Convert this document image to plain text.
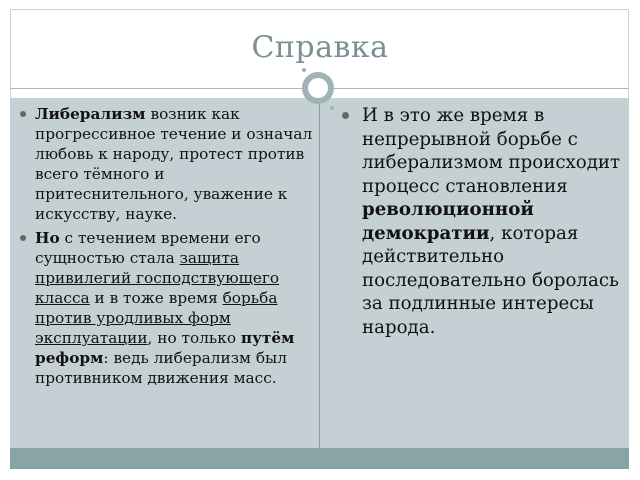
Справка

Либерализм возник как прогрессивное течение и означал любовь к народу, протест против всего тёмного и притеснительного, уважение к искусству, науке.

Но с течением времени его сущностью стала защита привилегий господствующего класса и в тоже время борьба против уродливых форм эксплуатации, но только путём реформ: ведь либерализм был противником движения масс.

И в это же время в непрерывной борьбе с либерализмом происходит процесс становления революционной демократии, которая действительно последовательно боролась за подлинные интересы народа.
